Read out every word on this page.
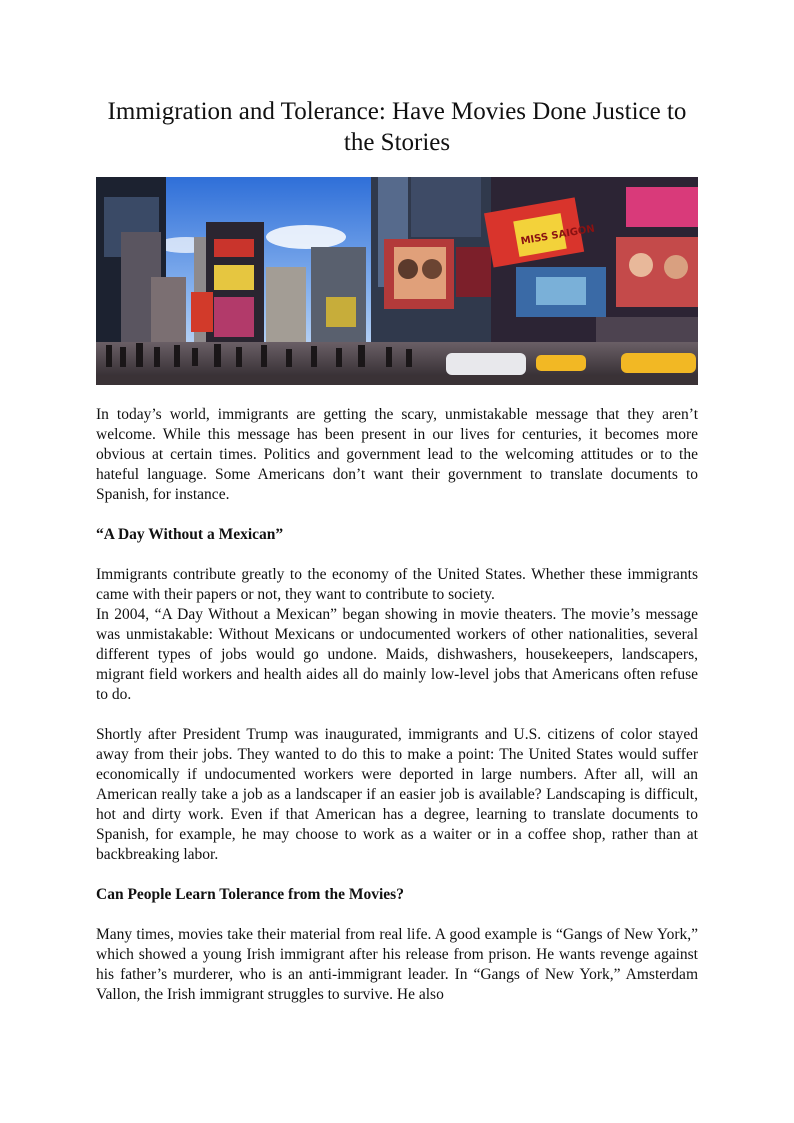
Immigration and Tolerance: Have Movies Done Justice to the Stories
MISS SAIGON

In today’s world, immigrants are getting the scary, unmistakable message that they aren’t welcome. While this message has been present in our lives for centuries, it becomes more obvious at certain times. Politics and government lead to the welcoming attitudes or to the hateful language. Some Americans don’t want their government to translate documents to Spanish, for instance.

“A Day Without a Mexican”

Immigrants contribute greatly to the economy of the United States. Whether these immigrants came with their papers or not, they want to contribute to society.

In 2004, “A Day Without a Mexican” began showing in movie theaters. The movie’s message was unmistakable: Without Mexicans or undocumented workers of other nationalities, several different types of jobs would go undone. Maids, dishwashers, housekeepers, landscapers, migrant field workers and health aides all do mainly low-level jobs that Americans often refuse to do.

Shortly after President Trump was inaugurated, immigrants and U.S. citizens of color stayed away from their jobs. They wanted to do this to make a point: The United States would suffer economically if undocumented workers were deported in large numbers. After all, will an American really take a job as a landscaper if an easier job is available? Landscaping is difficult, hot and dirty work. Even if that American has a degree, learning to translate documents to Spanish, for example, he may choose to work as a waiter or in a coffee shop, rather than at backbreaking labor.

Can People Learn Tolerance from the Movies?

Many times, movies take their material from real life. A good example is “Gangs of New York,” which showed a young Irish immigrant after his release from prison. He wants revenge against his father’s murderer, who is an anti-immigrant leader. In “Gangs of New York,” Amsterdam Vallon, the Irish immigrant struggles to survive. He also
